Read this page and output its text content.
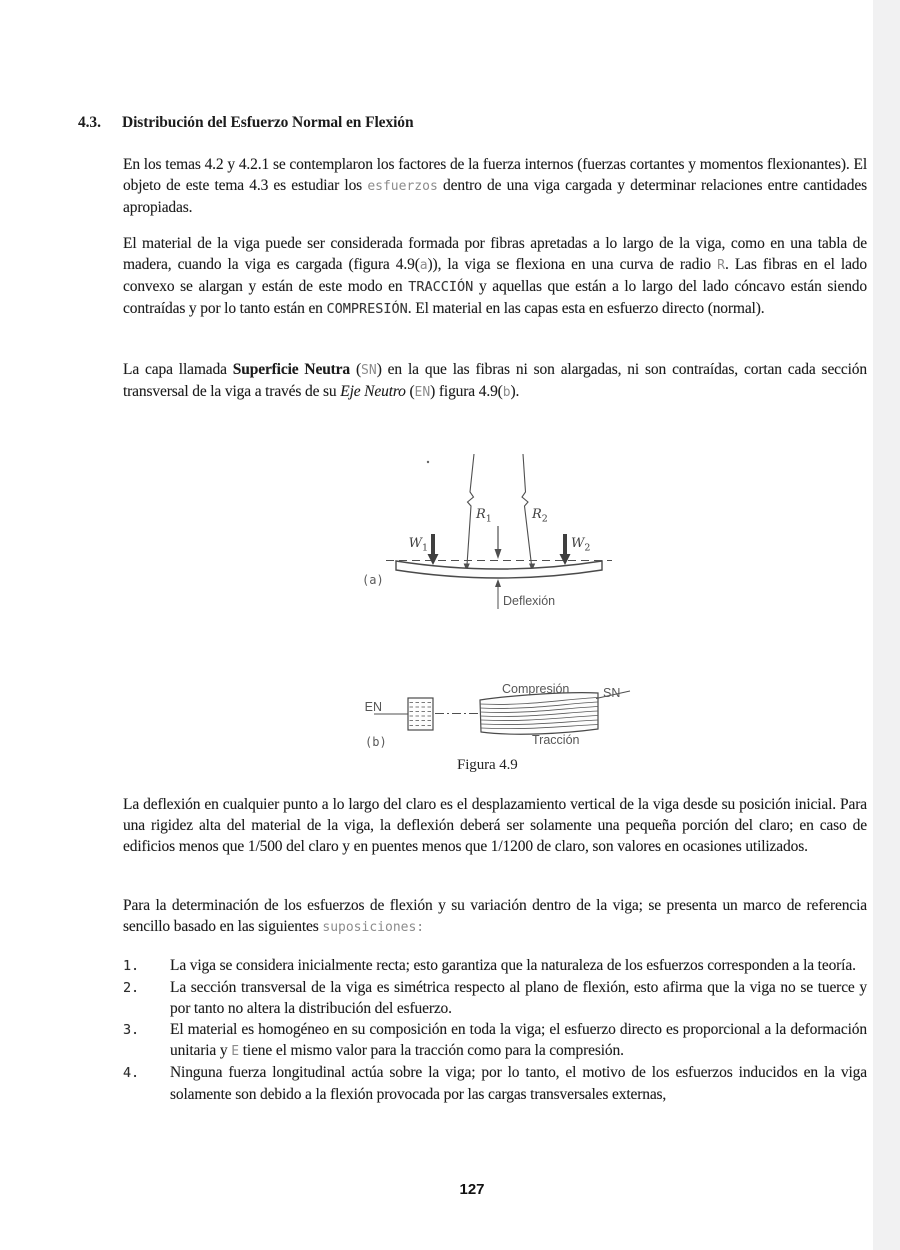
4.3.	Distribución del Esfuerzo Normal en Flexión
En los temas 4.2 y 4.2.1 se contemplaron los factores de la fuerza internos (fuerzas cortantes y momentos flexionantes). El objeto de este tema 4.3 es estudiar los esfuerzos dentro de una viga cargada y determinar relaciones entre cantidades apropiadas.
El material de la viga puede ser considerada formada por fibras apretadas a lo largo de la viga, como en una tabla de madera, cuando la viga es cargada (figura 4.9(a)), la viga se flexiona en una curva de radio R. Las fibras en el lado convexo se alargan y están de este modo en TRACCIÓN y aquellas que están a lo largo del lado cóncavo están siendo contraídas y por lo tanto están en COMPRESIÓN. El material en las capas esta en esfuerzo directo (normal).
La capa llamada Superficie Neutra (SN) en la que las fibras ni son alargadas, ni son contraídas, cortan cada sección transversal de la viga a través de su Eje Neutro (EN) figura 4.9(b).
$R_1$	$R_2$
$W_1$	$W_2$
Deflexión
(a)
EN
SN
Compresión
Tracción
(b)
Figura 4.9
La deflexión en cualquier punto a lo largo del claro es el desplazamiento vertical de la viga desde su posición inicial. Para una rigidez alta del material de la viga, la deflexión deberá ser solamente una pequeña porción del claro; en caso de edificios menos que 1/500 del claro y en puentes menos que 1/1200 de claro, son valores en ocasiones utilizados.
Para la determinación de los esfuerzos de flexión y su variación dentro de la viga; se presenta un marco de referencia sencillo basado en las siguientes suposiciones:
1.	La viga se considera inicialmente recta; esto garantiza que la naturaleza de los esfuerzos corresponden a la teoría.
2.	La sección transversal de la viga es simétrica respecto al plano de flexión, esto afirma que la viga no se tuerce y por tanto no altera la distribución del esfuerzo.
3.	El material es homogéneo en su composición en toda la viga; el esfuerzo directo es proporcional a la deformación unitaria y E tiene el mismo valor para la tracción como para la compresión.
4.	Ninguna fuerza longitudinal actúa sobre la viga; por lo tanto, el motivo de los esfuerzos inducidos en la viga solamente son debido a la flexión provocada por las cargas transversales externas,
127
